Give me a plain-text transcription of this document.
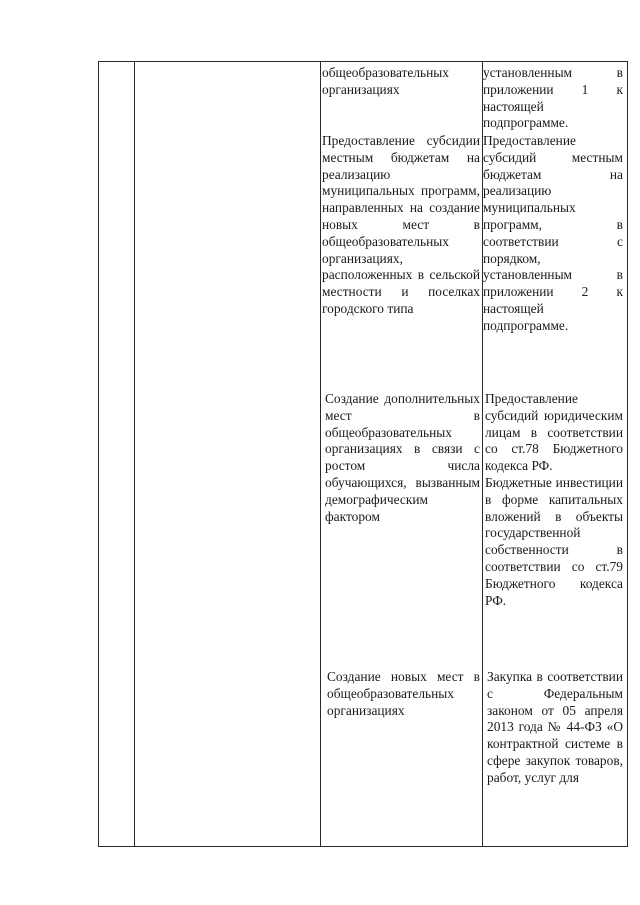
общеобразовательных организациях

установленным в приложении 1 к настоящей подпрограмме.

Предоставление субсидии местным бюджетам на реализацию муниципальных программ, направленных на создание новых мест в общеобразовательных организациях, расположенных в сельской местности и поселках городского типа

Предоставление субсидий местным бюджетам на реализацию муниципальных программ, в соответствии с порядком, установленным в приложении 2 к настоящей подпрограмме.

Создание дополнительных мест в общеобразовательных организациях в связи с ростом числа обучающихся, вызванным демографическим фактором

Предоставление субсидий юридическим лицам в соответствии со ст.78 Бюджетного кодекса РФ.

Бюджетные инвестиции в форме капитальных вложений в объекты государственной собственности в соответствии со ст.79 Бюджетного кодекса РФ.

Создание новых мест в общеобразовательных организациях

Закупка в соответствии с Федеральным законом от 05 апреля 2013 года № 44-ФЗ «О контрактной системе в сфере закупок товаров, работ, услуг для
